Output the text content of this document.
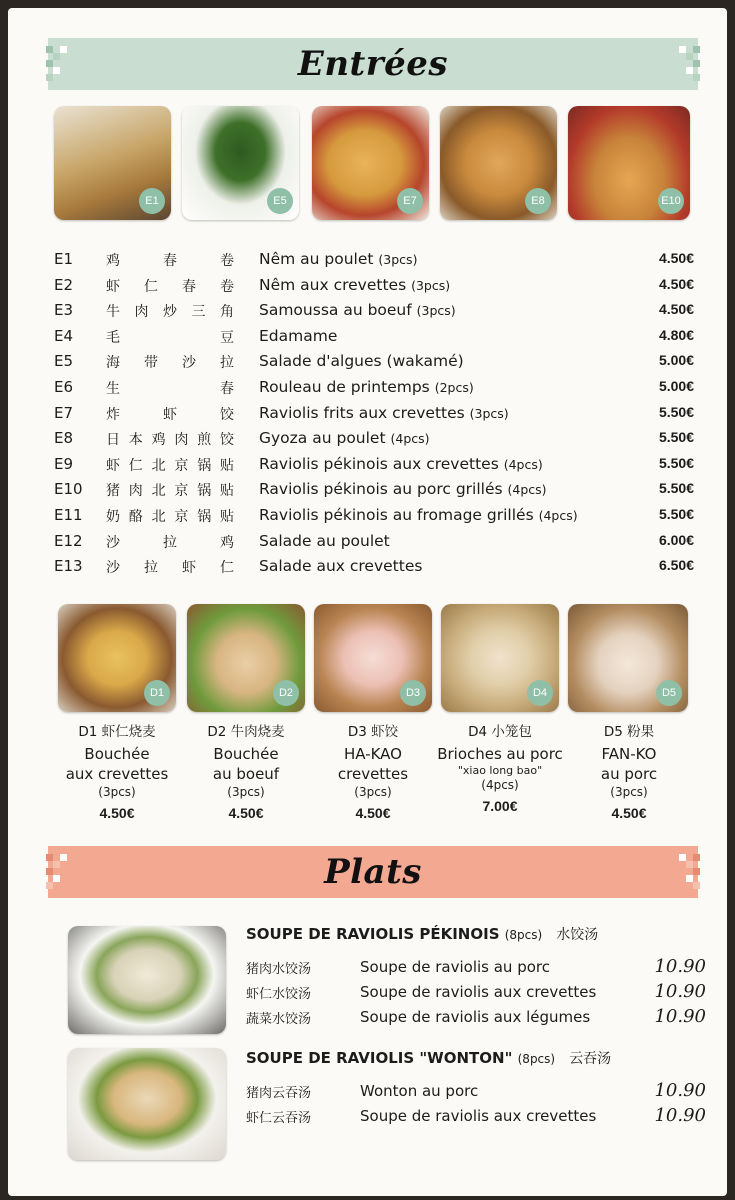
Entrées
E1	E5	E7	E8	E10
E1 鸡	春	卷 Nêm au poulet (3pcs)	4.50€
E2 虾 仁 春 卷 Nêm aux crevettes (3pcs)	4.50€
E3 牛 肉 炒 三 角 Samoussa au boeuf (3pcs)	4.50€
E4 毛	豆 Edamame	4.80€
E5 海 带 沙 拉 Salade d'algues (wakamé)	5.00€
E6 生	春 Rouleau de printemps (2pcs)	5.00€
E7 炸	虾	饺 Raviolis frits aux crevettes (3pcs)	5.50€
E8 日 本 鸡 肉 煎 饺 Gyoza au poulet (4pcs)	5.50€
E9 虾 仁 北 京 锅 贴 Raviolis pékinois aux crevettes (4pcs)	5.50€
E10 猪 肉 北 京 锅 贴 Raviolis pékinois au porc grillés (4pcs)	5.50€
E11 奶 酪 北 京 锅 贴 Raviolis pékinois au fromage grillés (4pcs)	5.50€
E12 沙	拉	鸡 Salade au poulet	6.00€
E13 沙 拉 虾 仁 Salade aux crevettes	6.50€
D1	D2	D3	D4	D5
D1 虾仁烧麦
Bouchée
aux crevettes
(3pcs)
4.50€
D2 牛肉烧麦
Bouchée
au boeuf
(3pcs)
4.50€
D3 虾饺
HA-KAO
crevettes
(3pcs)
4.50€
D4 小笼包
Brioches au porc
"xiao long bao"
(4pcs)
7.00€
D5 粉果
FAN-KO
au porc
(3pcs)
4.50€
Plats
SOUPE DE RAVIOLIS PÉKINOIS (8pcs) 水饺汤
猪肉水饺汤	Soupe de raviolis au porc	10.90
虾仁水饺汤	Soupe de raviolis aux crevettes	10.90
蔬菜水饺汤	Soupe de raviolis aux légumes	10.90
SOUPE DE RAVIOLIS "WONTON" (8pcs) 云吞汤
猪肉云吞汤	Wonton au porc	10.90
虾仁云吞汤	Soupe de raviolis aux crevettes	10.90
